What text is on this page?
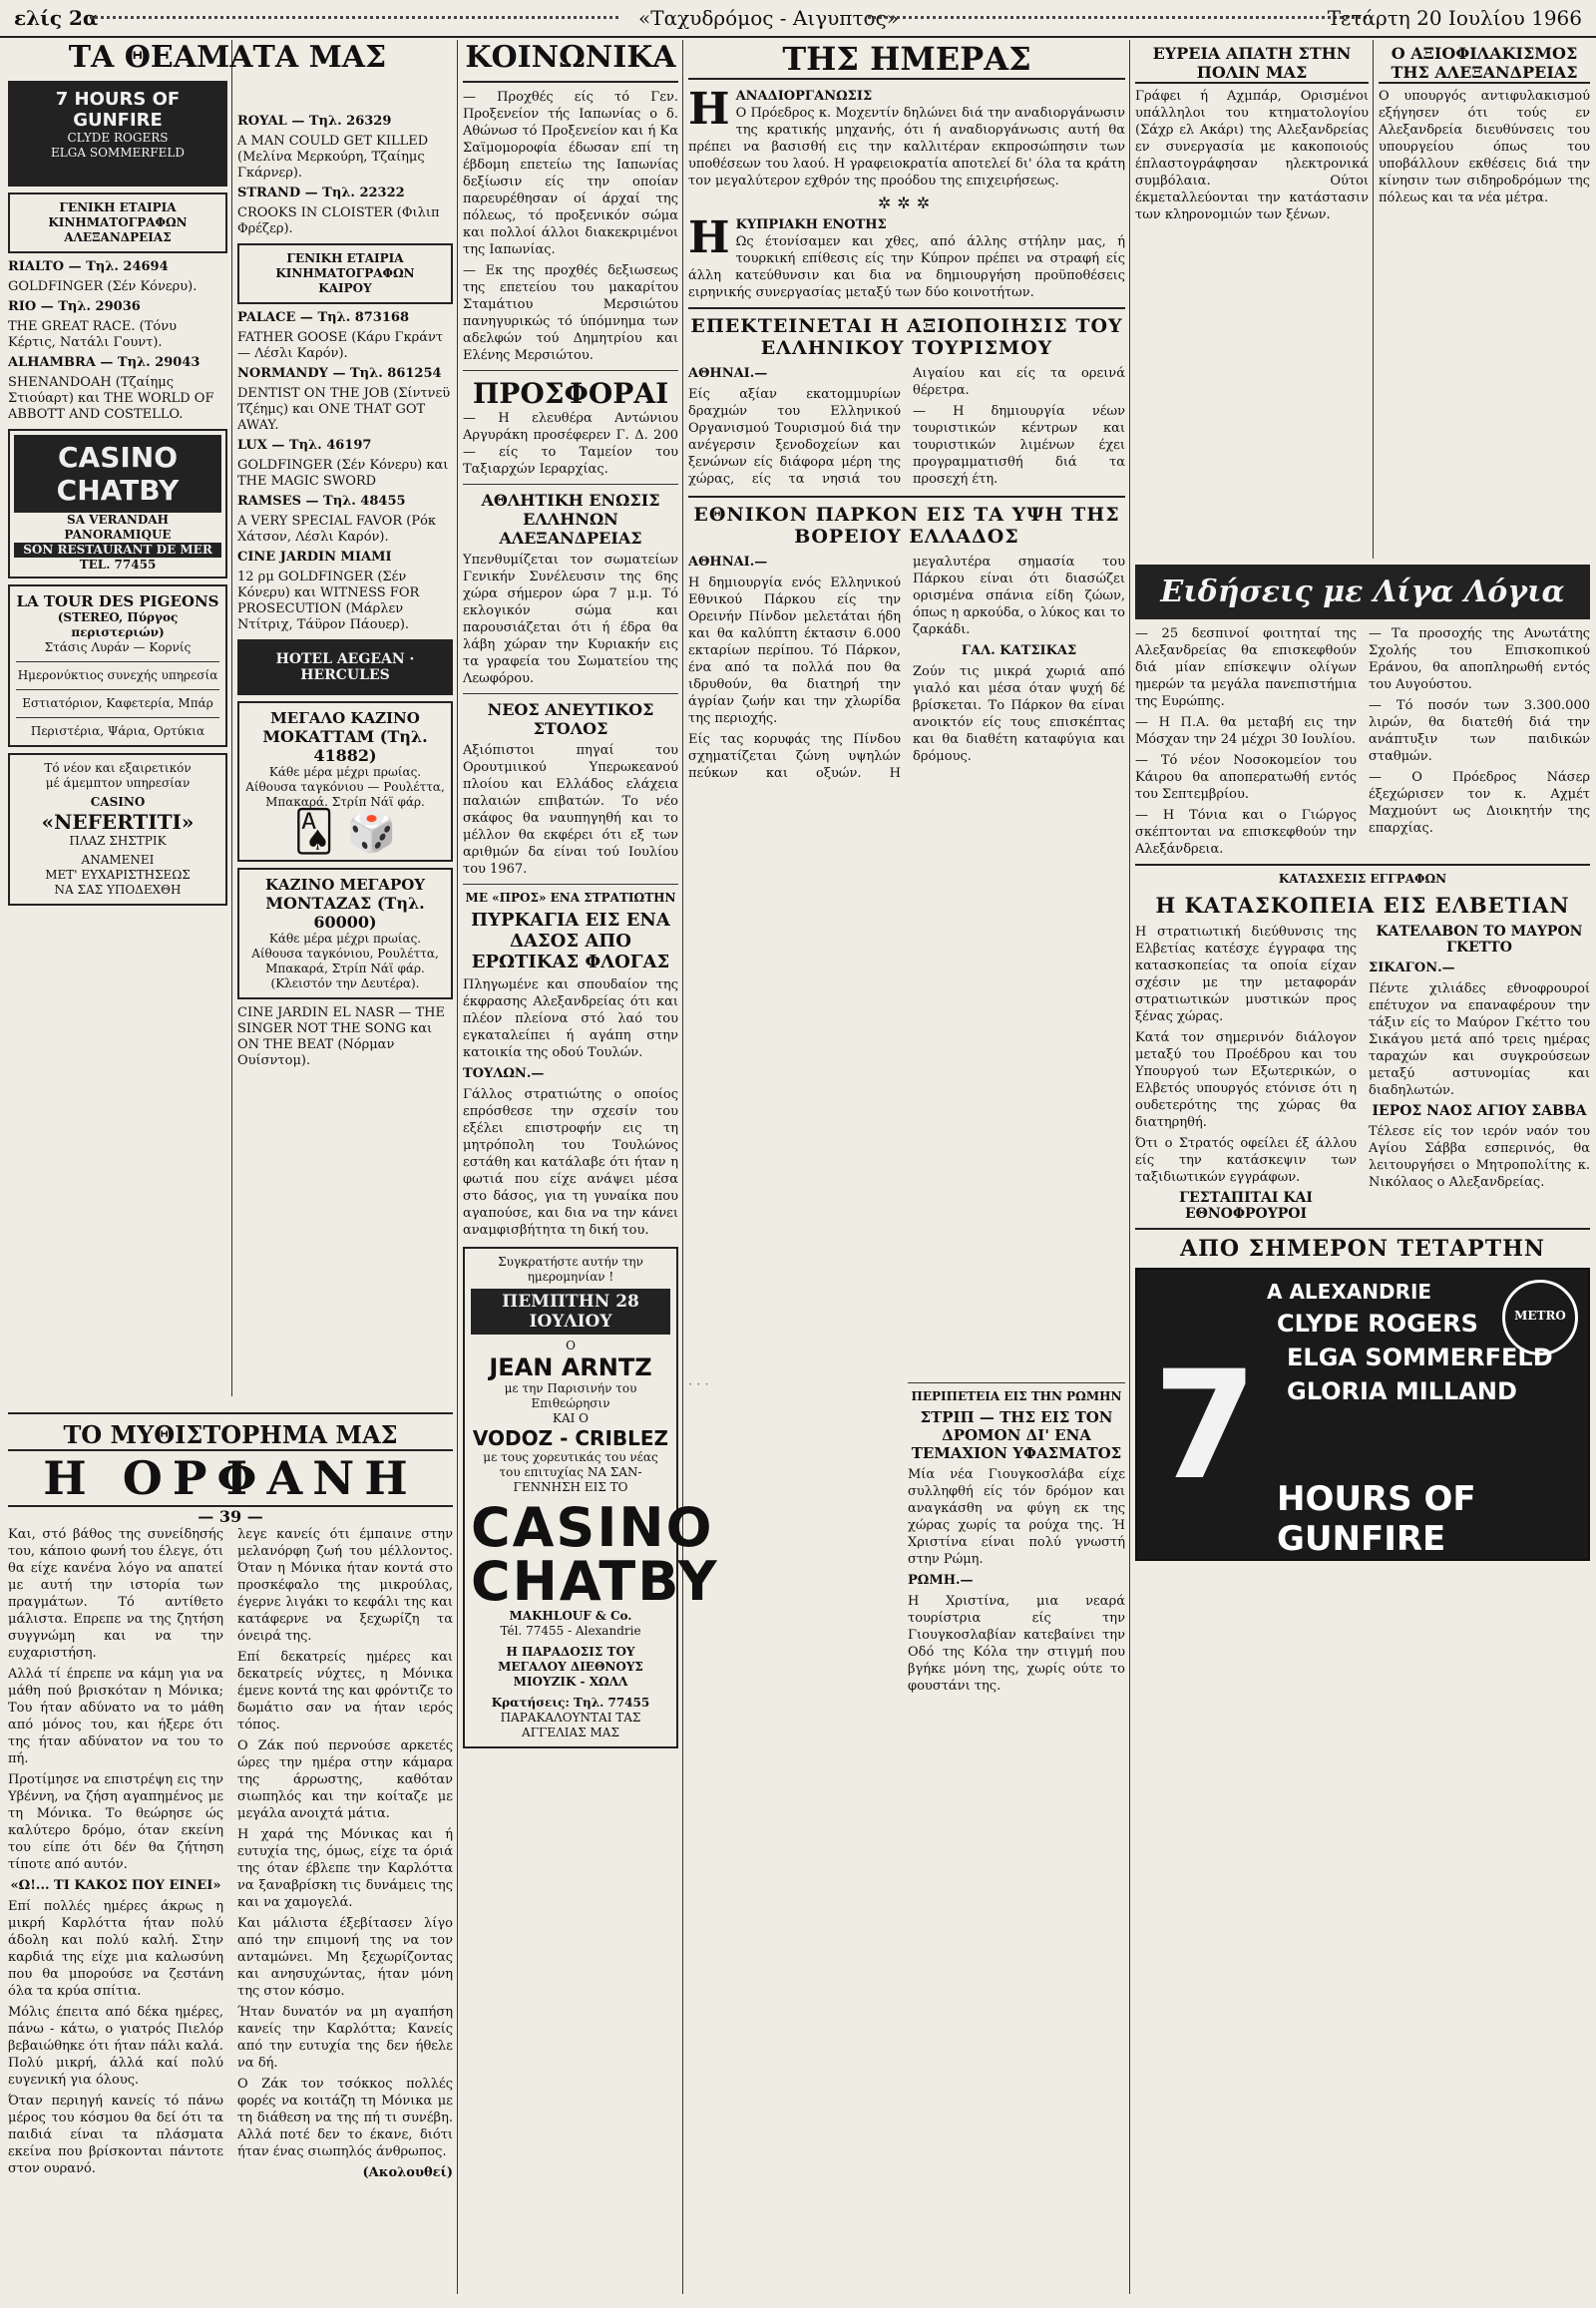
ελίς 2α	«Ταχυδρόμος - Αιγυπτος»	Τετάρτη 20 Ιουλίου 1966
ΤΑ ΘΕΑΜΑΤΑ ΜΑΣ
7 HOURS OF GUNFIRE
CLYDE ROGERS
ELGA SOMMERFELD
ΓΕΝΙΚΗ ΕΤΑΙΡΙΑ
ΚΙΝΗΜΑΤΟΓΡΑΦΩΝ
ΑΛΕΞΑΝΔΡΕΙΑΣ
RIALTO — Τηλ. 24694
GOLDFINGER (Σέν Κόνερυ).
RIO — Τηλ. 29036
THE GREAT RACE. (Τόνυ Κέρτις, Νατάλι Γουντ).
ALHAMBRA — Τηλ. 29043
SHENANDOAH (Τζαίημς Στιούαρτ) και THE WORLD OF ABBOTT AND COSTELLO.
CASINO CHATBY
SA VERANDAH PANORAMIQUE
SON RESTAURANT DE MER
TEL. 77455
LA TOUR DES PIGEONS
(STEREO, Πύργος περιστεριών)
Στάσις Λυράν — Κορνίς
Ημερονύκτιος συνεχής υπηρεσία
Εστιατόριον, Καφετερία, Μπάρ
Περιστέρια, Ψάρια, Ορτύκια
Τό νέον και εξαιρετικόν
μέ άμεμπτον υπηρεσίαν
CASINO
«NEFERTITI»
ΠΛΑΖ ΣΗΣΤΡΙΚ
ΑΝΑΜΕΝΕΙ
ΜΕΤ' ΕΥΧΑΡΙΣΤΗΣΕΩΣ
ΝΑ ΣΑΣ ΥΠΟΔΕΧΘΗ
ROYAL — Τηλ. 26329
A MAN COULD GET KILLED (Μελίνα Μερκούρη, Τζαίημς Γκάρνερ).
STRAND — Τηλ. 22322
CROOKS IN CLOISTER (Φιλιπ Φρέζερ).
ΓΕΝΙΚΗ ΕΤΑΙΡΙΑ
ΚΙΝΗΜΑΤΟΓΡΑΦΩΝ
ΚΑΙΡΟΥ
PALACE — Τηλ. 873168
FATHER GOOSE (Κάρυ Γκράντ — Λέσλι Καρόν).
NORMANDY — Τηλ. 861254
DENTIST ON THE JOB (Σίντνεϋ Τζέημς) και ONE THAT GOT AWAY.
LUX — Τηλ. 46197
GOLDFINGER (Σέν Κόνερυ) και THE MAGIC SWORD
RAMSES — Τηλ. 48455
A VERY SPECIAL FAVOR (Ρόκ Χάτσον, Λέσλι Καρόν).
CINE JARDIN MIAMI
12 ρμ GOLDFINGER (Σέν Κόνερυ) και WITNESS FOR PROSECUTION (Μάρλεν Ντίτριχ, Τάϋρον Πάουερ).
HOTEL AEGEAN · HERCULES
ΜΕΓΑΛΟ ΚΑΖΙΝΟ
ΜΟΚΑΤΤΑΜ (Τηλ. 41882)
Κάθε μέρα μέχρι πρωίας. Αίθουσα ταγκόνιου — Ρουλέττα, Μπακαρά. Στρίπ Νάϊ φάρ.
🂡 🎲
ΚΑΖΙΝΟ ΜΕΓΑΡΟΥ
ΜΟΝΤΑΖΑΣ (Τηλ. 60000)
Κάθε μέρα μέχρι πρωίας. Αίθουσα ταγκόνιου, Ρουλέττα, Μπακαρά, Στρίπ Νάϊ φάρ. (Κλειστόν την Δευτέρα).
CINE JARDIN EL NASR — THE SINGER NOT THE SONG και ON THE BEAT (Νόρμαν Ουίσντομ).
ΤΟ ΜΥΘΙΣΤΟΡΗΜΑ ΜΑΣ
Η ΟΡΦΑΝΗ
— 39 —

Και, στό βάθος της συνείδησής του, κάποιο φωνή του έλεγε, ότι θα είχε κανένα λόγο να απατεί με αυτή την ιστορία των πραγμάτων. Τό αντίθετο μάλιστα. Επρεπε να της ζητήση συγγνώμη και να την ευχαριστήση.

Αλλά τί έπρεπε να κάμη για να μάθη πού βρισκόταν η Μόνικα; Του ήταν αδύνατο να το μάθη από μόνος του, και ήξερε ότι της ήταν αδύνατον να του το πή.

Προτίμησε να επιστρέψη εις την Υβέννη, να ζήση αγαπημένος με τη Μόνικα. Το θεώρησε ώς καλύτερο δρόμο, όταν εκείνη του είπε ότι δέν θα ζήτηση τίποτε από αυτόν.

«Ω!... ΤΙ ΚΑΚΟΣ ΠΟΥ ΕΙΝΕΙ»

Επί πολλές ημέρες άκρως η μικρή Καρλόττα ήταν πολύ άδολη και πολύ καλή. Στην καρδιά της είχε μια καλωσύνη που θα μπορούσε να ζεστάνη όλα τα κρύα σπίτια.

Μόλις έπειτα από δέκα ημέρες, πάνω - κάτω, ο γιατρός Πιελόρ βεβαιώθηκε ότι ήταν πάλι καλά. Πολύ μικρή, άλλά καί πολύ ευγενική για όλους.

Όταν περιηγή κανείς τό πάνω μέρος του κόσμου θα δεί ότι τα παιδιά είναι τα πλάσματα εκείνα που βρίσκονται πάντοτε στον ουρανό.

λεγε κανείς ότι έμπαινε στην μελανόρφη ζωή του μέλλοντος. Όταν η Μόνικα ήταν κοντά στο προσκέφαλο της μικρούλας, έγερνε λιγάκι το κεφάλι της και κατάφερνε να ξεχωρίζη τα όνειρά της.

Επί δεκατρείς ημέρες και δεκατρείς νύχτες, η Μόνικα έμενε κοντά της και φρόντιζε το δωμάτιο σαν να ήταν ιερός τόπος.

Ο Ζάκ πού περνούσε αρκετές ώρες την ημέρα στην κάμαρα της άρρωστης, καθόταν σιωπηλός και την κοίταζε με μεγάλα ανοιχτά μάτια.

Η χαρά της Μόνικας και ή ευτυχία της, όμως, είχε τα όριά της όταν έβλεπε την Καρλόττα να ξαναβρίσκη τις δυνάμεις της και να χαμογελά.

Και μάλιστα έξεβίτασεν λίγο από την επιμονή της να τον ανταμώνει. Μη ξεχωρίζοντας και ανησυχώντας, ήταν μόνη της στον κόσμο.

Ήταν δυνατόν να μη αγαπήση κανείς την Καρλόττα; Κανείς από την ευτυχία της δεν ήθελε να δή.

Ο Ζάκ τον τσόκκος πολλές φορές να κοιτάζη τη Μόνικα με τη διάθεση να της πή τι συνέβη. Αλλά ποτέ δεν το έκανε, διότι ήταν ένας σιωπηλός άνθρωπος.

(Ακολουθεί)

ΚΟΙΝΩΝΙΚΑ

— Προχθές είς τό Γεν. Προξενείον τής Ιαπωνίας ο δ. Αθώνωσ τό Προξενείον και ή Κα Σαϊμομοροφία έδωσαν επί τη έβδομη επετείω της Ιαπωνίας δεξίωσιν είς την οποίαν παρευρέθησαν οί άρχαί της πόλεως, τό προξενικόν σώμα και πολλοί άλλοι διακεκριμένοι της Ιαπωνίας.

— Εκ της προχθές δεξιωσεως της επετείου του μακαρίτου Σταμάτιου Μερσιώτου πανηγυρικώς τό ύπόμνημα των αδελφών τού Δημητρίου και Ελένης Μερσιώτου.

ΠΡΟΣΦΟΡΑΙ

— Η ελευθέρα Αντώνιου Αργυράκη προσέφερεν Γ. Δ. 200 — είς το Ταμείον του Ταξιαρχών Ιεραρχίας.

ΑΘΛΗΤΙΚΗ ΕΝΩΣΙΣ ΕΛΛΗΝΩΝ ΑΛΕΞΑΝΔΡΕΙΑΣ

Υπενθυμίζεται τον σωματείων Γενικήν Συνέλευσιν της 6ης χώρα σήμερον ώρα 7 μ.μ. Τό εκλογικόν σώμα και παρουσιάζεται ότι ή έδρα θα λάβη χώραν την Κυριακήν εις τα γραφεία του Σωματείου της Λεωφόρου.

ΝΕΟΣ ΑΝΕΥΤΙΚΟΣ ΣΤΟΛΟΣ

Αξιόπιστοι πηγαί του Ορουτμιικού Υπερωκεανού πλοίου και Ελλάδος ελάχεια παλαιών επιβατών. Το νέο σκάφος θα ναυπηγηθή και το μέλλον θα εκφέρει ότι εξ των αριθμών δα είναι τού Ιουλίου του 1967.

ΜΕ «ΠΡΟΣ» ΕΝΑ ΣΤΡΑΤΙΩΤΗΝ
ΠΥΡΚΑΓΙΑ ΕΙΣ ΕΝΑ ΔΑΣΟΣ ΑΠΟ ΕΡΩΤΙΚΑΣ ΦΛΟΓΑΣ

Πληγωμένε και σπουδαίον της έκφρασης Αλεξανδρείας ότι και πλέον πλείονα στό λαό του εγκαταλείπει ή αγάπη στην κατοικία της οδού Τουλών.

ΤΟΥΛΩΝ.—

Γάλλος στρατιώτης ο οποίος επρόσθεσε την σχεσίν του εξέλει επιστροφήν εις τη μητρόπολη του Τουλώνος εστάθη και κατάλαβε ότι ήταν η φωτιά που είχε ανάψει μέσα στο δάσος, για τη γυναίκα που αγαπούσε, και δια να την κάνει αναμφισβήτητα τη δική του.

Συγκρατήστε αυτήν την ημερομηνίαν !
ΠΕΜΠΤΗΝ 28 ΙΟΥΛΙΟΥ
Ο
JEAN ARNTZ
με την Παρισινήν του Επιθεώρησιν
ΚΑΙ Ο
VODOZ - CRIBLEZ
με τους χορευτικάς του νέας του επιτυχίας ΝΑ ΣΑΝ-ΓΕΝΝΗΣΗ ΕΙΣ ΤΟ
CASINO CHATBY
MAKHLOUF & Co.
Tél. 77455 - Alexandrie
Η ΠΑΡΑΔΟΣΙΣ ΤΟΥ ΜΕΓΑΛΟΥ ΔΙΕΘΝΟΥΣ ΜΙΟΥΖΙΚ - ΧΩΛΛ
Κρατήσεις: Τηλ. 77455
ΠΑΡΑΚΑΛΟΥΝΤΑΙ ΤΑΣ ΑΓΓΕΛΙΑΣ ΜΑΣ
ΤΗΣ ΗΜΕΡΑΣ

ΗΑΝΑΔΙΟΡΓΑΝΩΣΙΣ
Ο Πρόεδρος κ. Μοχεντίν δηλώνει διά την αναδιοργάνωσιν της κρατικής μηχανής, ότι ή αναδιοργάνωσις αυτή θα πρέπει να βασισθή εις την καλλιτέραν εκπροσώπησιν των υποθέσεων του λαού. Η γραφειοκρατία αποτελεί δι' όλα τα κράτη τον μεγαλύτερον εχθρόν της προόδου της επιχειρήσεως.

✲✲✲

ΗΚΥΠΡΙΑΚΗ ΕΝΟΤΗΣ
Ως έτονίσαμεν και χθες, από άλλης στήλην μας, ή τουρκική επίθεσις είς την Κύπρον πρέπει να στραφή είς άλλη κατεύθυνσιν και δια να δημιουργήση προϋποθέσεις ειρηνικής συνεργασίας μεταξύ των δύο κοινοτήτων.

ΕΠΕΚΤΕΙΝΕΤΑΙ Η ΑΞΙΟΠΟΙΗΣΙΣ ΤΟΥ ΕΛΛΗΝΙΚΟΥ ΤΟΥΡΙΣΜΟΥ

ΑΘΗΝΑΙ.—

Είς αξίαν εκατομμυρίων δραχμών του Ελληνικού Οργανισμού Τουρισμού διά την ανέγερσιν ξενοδοχείων και ξενώνων είς διάφορα μέρη της χώρας, είς τα νησιά του Αιγαίου και είς τα ορεινά θέρετρα.

— Η δημιουργία νέων τουριστικών κέντρων και τουριστικών λιμένων έχει προγραμματισθή διά τα προσεχή έτη.

ΕΘΝΙΚΟΝ ΠΑΡΚΟΝ ΕΙΣ ΤΑ ΥΨΗ ΤΗΣ ΒΟΡΕΙΟΥ ΕΛΛΑΔΟΣ

ΑΘΗΝΑΙ.—

Η δημιουργία ενός Ελληνικού Εθνικού Πάρκου είς την Ορεινήν Πίνδον μελετάται ήδη και θα καλύπτη έκτασιν 6.000 εκταρίων περίπου. Τό Πάρκον, ένα από τα πολλά που θα ιδρυθούν, θα διατηρή την άγρίαν ζωήν και την χλωρίδα της περιοχής.

Είς τας κορυφάς της Πίνδου σχηματίζεται ζώνη υψηλών πεύκων και οξυών. Η μεγαλυτέρα σημασία του Πάρκου είναι ότι διασώζει ορισμένα σπάνια είδη ζώων, όπως η αρκούδα, ο λύκος και το ζαρκάδι.

ΓΑΛ. ΚΑΤΣΙΚΑΣ

Ζούν τις μικρά χωριά από γιαλό και μέσα όταν ψυχή δέ βρίσκεται. Το Πάρκον θα είναι ανοικτόν είς τους επισκέπτας και θα διαθέτη καταφύγια και δρόμους.

ΠΕΡΙΠΕΤΕΙΑ ΕΙΣ ΤΗΝ ΡΩΜΗΝ
ΣΤΡΙΠ — ΤΗΣ ΕΙΣ ΤΟΝ ΔΡΟΜΟΝ ΔΙ' ΕΝΑ ΤΕΜΑΧΙΟΝ ΥΦΑΣΜΑΤΟΣ

Μία νέα Γιουγκοσλάβα είχε συλληφθή είς τόν δρόμον και αναγκάσθη να φύγη εκ της χώρας χωρίς τα ρούχα της. Ή Χριστίνα είναι πολύ γνωστή στην Ρώμη.

ΡΩΜΗ.—

Η Χριστίνα, μια νεαρά τουρίστρια είς την Γιουγκοσλαβίαν κατεβαίνει την Οδό της Κόλα την στιγμή που βγήκε μόνη της, χωρίς ούτε το φουστάνι της.

· · ·

ΕΥΡΕΙΑ ΑΠΑΤΗ ΣΤΗΝ ΠΟΛΙΝ ΜΑΣ

Γράφει ή Αχμπάρ, Ορισμένοι υπάλληλοι του κτηματολογίου (Σάχρ ελ Ακάρι) της Αλεξανδρείας εν συνεργασία με κακοποιούς έπλαστογράφησαν ηλεκτρονικά συμβόλαια. Ούτοι έκμεταλλεύονται την κατάστασιν των κληρονομιών των ξένων.

Ο ΑΞΙΟΦΙΛΑΚΙΣΜΟΣ ΤΗΣ ΑΛΕΞΑΝΔΡΕΙΑΣ

Ο υπουργός αντιφυλακισμού εξήγησεν ότι τούς εν Αλεξανδρεία διευθύνσεις του υπουργείου όπως του υποβάλλουν εκθέσεις διά την κίνησιν των σιδηροδρόμων της πόλεως και τα νέα μέτρα.

Ειδήσεις με Λίγα Λόγια

— 25 δεσπινοί φοιτηταί της Αλεξανδρείας θα επισκεφθούν διά μίαν επίσκεψιν ολίγων ημερών τα μεγάλα πανεπιστήμια της Ευρώπης.

— Η Π.Α. θα μεταβή εις την Μόσχαν την 24 μέχρι 30 Ιουλίου.

— Τό νέον Νοσοκομείον του Κάιρου θα αποπερατωθή εντός του Σεπτεμβρίου.

— Η Τόνια και ο Γιώργος σκέπτονται να επισκεφθούν την Αλεξάνδρεια.

— Τα προσοχής της Ανωτάτης Σχολής του Επισκοπικού Εράνου, θα αποπληρωθή εντός του Αυγούστου.

— Τό ποσόν των 3.300.000 λιρών, θα διατεθή διά την ανάπτυξιν των παιδικών σταθμών.

— Ο Πρόεδρος Νάσερ έξεχώρισεν τον κ. Αχμέτ Μαχμούντ ως Διοικητήν της επαρχίας.

ΚΑΤΑΣΧΕΣΙΣ ΕΓΓΡΑΦΩΝ
Η ΚΑΤΑΣΚΟΠΕΙΑ ΕΙΣ ΕΛΒΕΤΙΑΝ

Η στρατιωτική διεύθυνσις της Ελβετίας κατέσχε έγγραφα της κατασκοπείας τα οποία είχαν σχέσιν με την μεταφοράν στρατιωτικών μυστικών προς ξένας χώρας.

Κατά τον σημερινόν διάλογον μεταξύ του Προέδρου και του Υπουργού των Εξωτερικών, ο Ελβετός υπουργός ετόνισε ότι η ουδετερότης της χώρας θα διατηρηθή.

Ότι ο Στρατός οφείλει έξ άλλου είς την κατάσκεψιν των ταξιδιωτικών εγγράφων.

ΓΕΣΤΑΠΙΤΑΙ ΚΑΙ ΕΘΝΟΦΡΟΥΡΟΙ ΚΑΤΕΛΑΒΟΝ ΤΟ ΜΑΥΡΟΝ ΓΚΕΤΤΟ

ΣΙΚΑΓΟΝ.—

Πέντε χιλιάδες εθνοφρουροί επέτυχον να επαναφέρουν την τάξιν είς το Μαύρον Γκέττο του Σικάγου μετά από τρεις ημέρας ταραχών και συγκρούσεων μεταξύ αστυνομίας και διαδηλωτών.

ΙΕΡΟΣ ΝΑΟΣ ΑΓΙΟΥ ΣΑΒΒΑ

Τέλεσε είς τον ιερόν ναόν του Αγίου Σάββα εσπερινός, θα λειτουργήσει ο Μητροπολίτης κ. Νικόλαος ο Αλεξανδρείας.

ΑΠΟ ΣΗΜΕΡΟΝ ΤΕΤΑΡΤΗΝ
A ALEXANDRIE
CLYDE ROGERS
ELGA SOMMERFELD
GLORIA MILLAND
7 HOURS OF GUNFIRE
METRO
